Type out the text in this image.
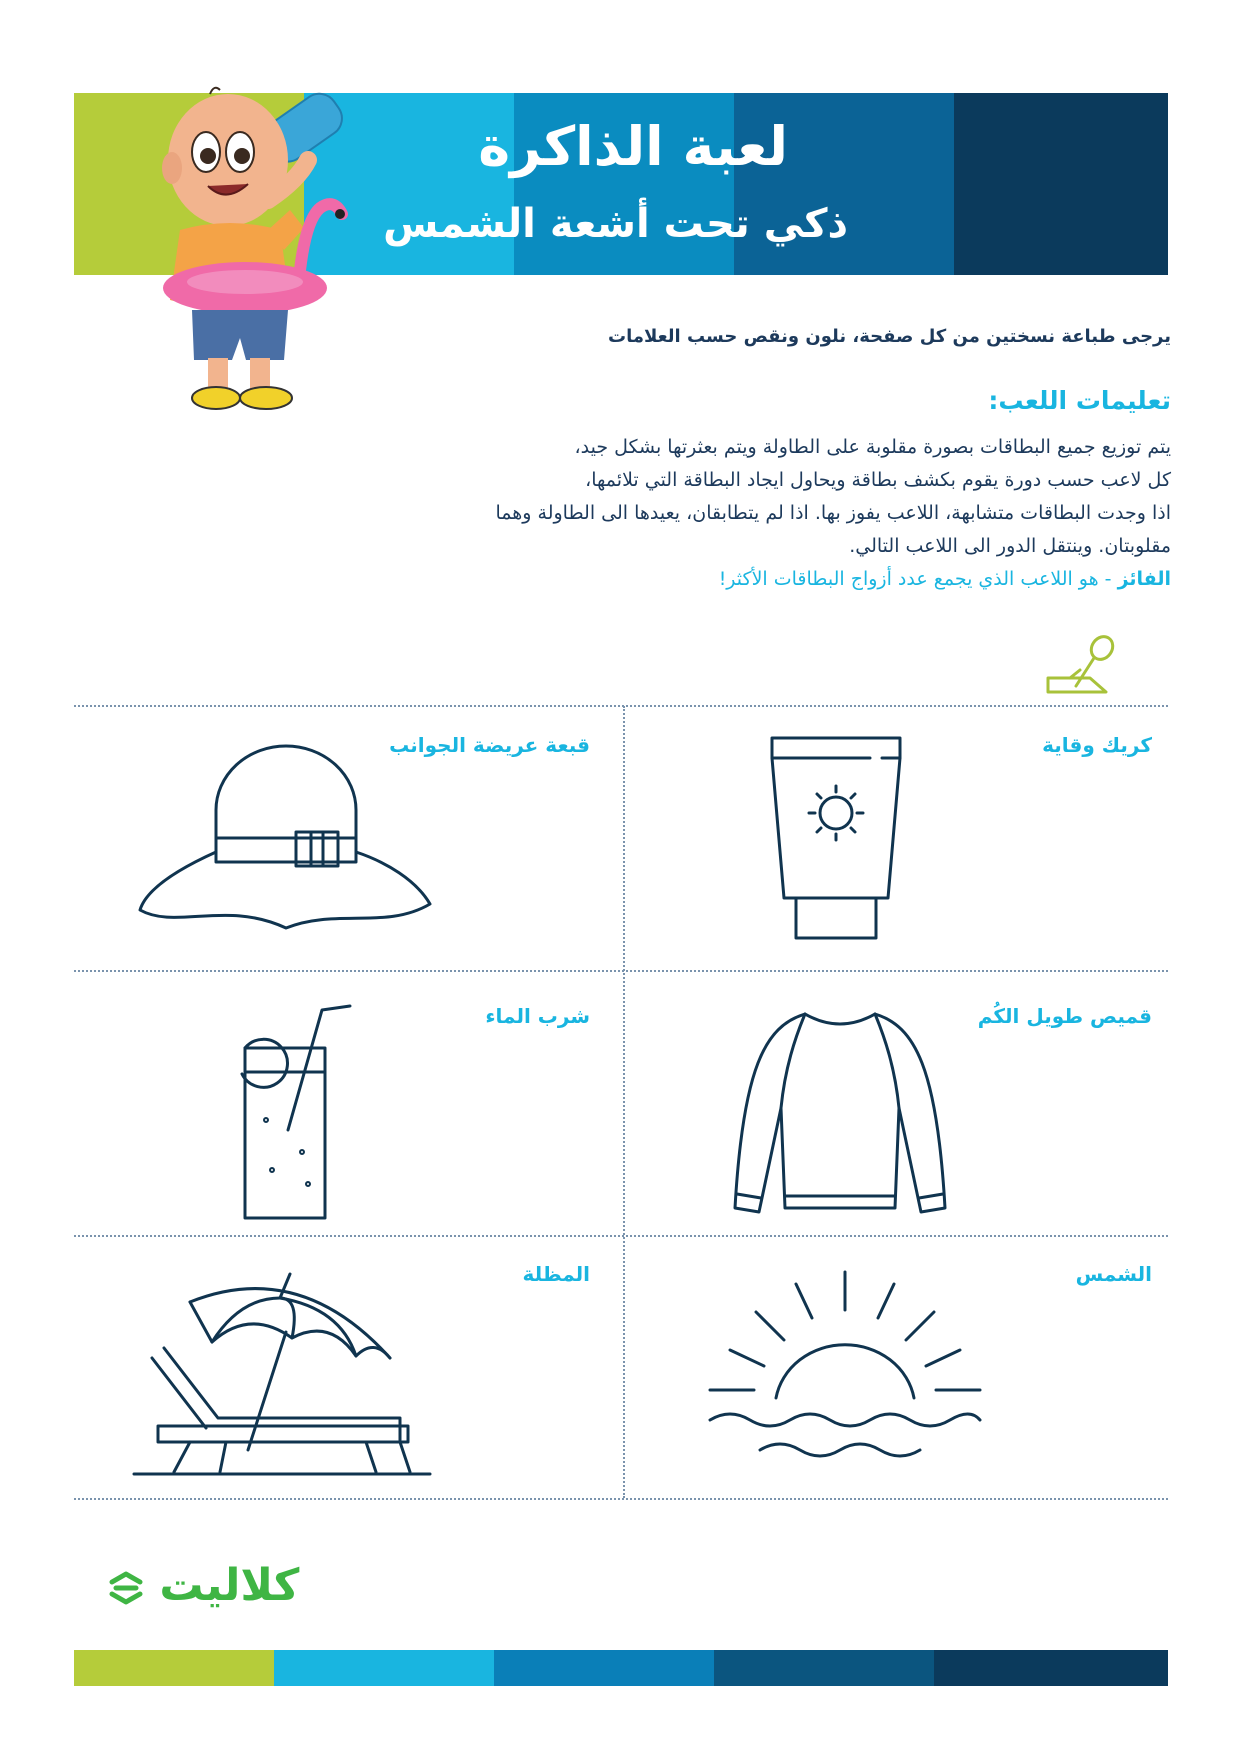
لعبة الذاكرة
ذكي تحت أشعة الشمس
يرجى طباعة نسختين من كل صفحة، نلون ونقص حسب العلامات
تعليمات اللعب:
يتم توزيع جميع البطاقات بصورة مقلوبة على الطاولة ويتم بعثرتها بشكل جيد،
كل لاعب حسب دورة يقوم بكشف بطاقة ويحاول ايجاد البطاقة التي تلائمها،
اذا وجدت البطاقات متشابهة، اللاعب يفوز بها. اذا لم يتطابقان، يعيدها الى الطاولة وهما
مقلوبتان. وينتقل الدور الى اللاعب التالي.
الفائز - هو اللاعب الذي يجمع عدد أزواج البطاقات الأكثر!
كريك وقاية
قبعة عريضة الجوانب
قميص طويل الكُم
شرب الماء
الشمس
المظلة
كلاليت
